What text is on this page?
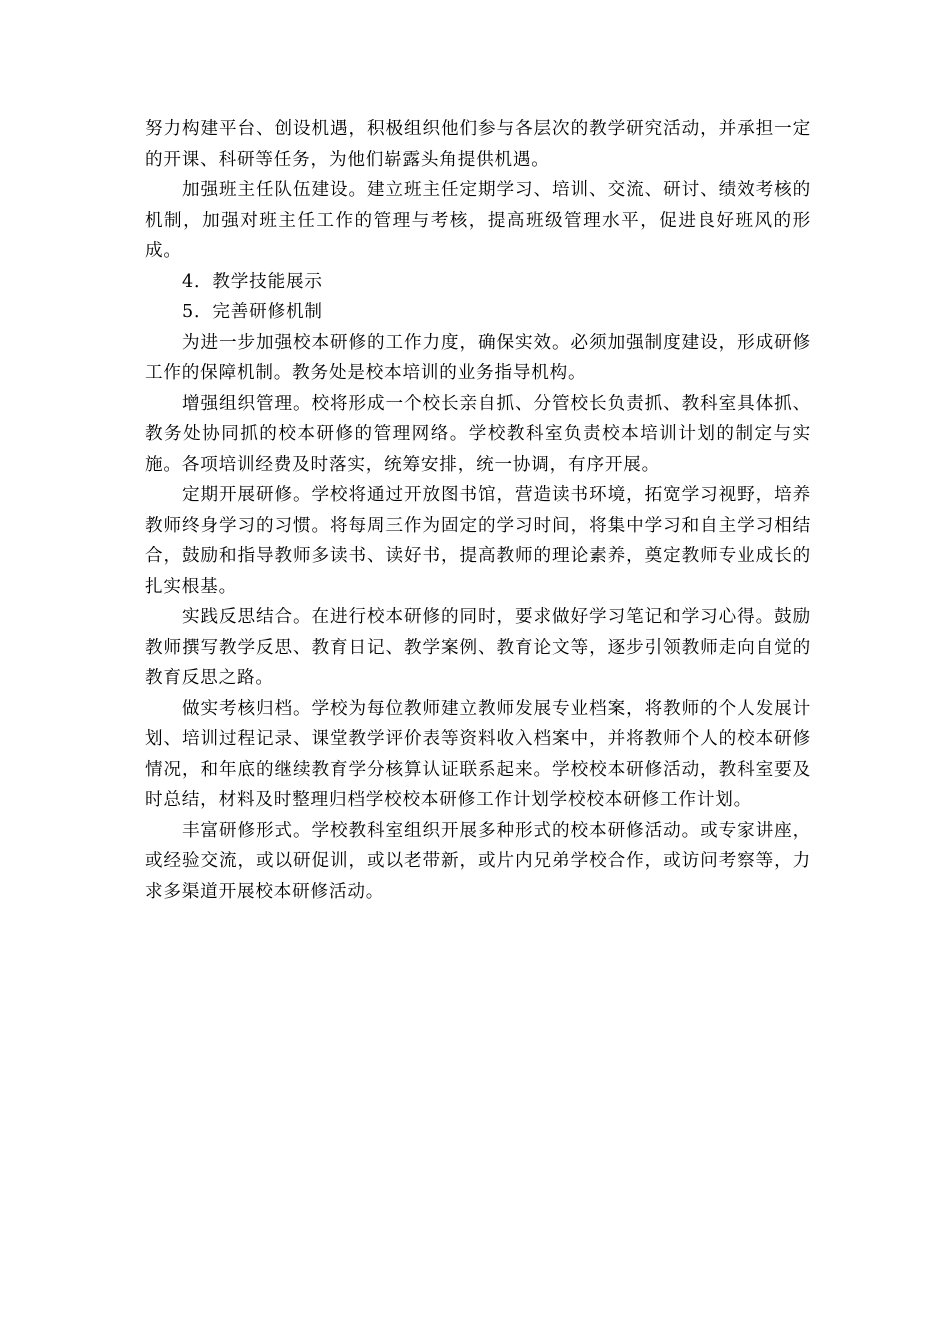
努力构建平台、创设机遇，积极组织他们参与各层次的教学研究活动，并承担一定的开课、科研等任务，为他们崭露头角提供机遇。

加强班主任队伍建设。建立班主任定期学习、培训、交流、研讨、绩效考核的机制，加强对班主任工作的管理与考核，提高班级管理水平，促进良好班风的形成。

4．教学技能展示

5．完善研修机制

为进一步加强校本研修的工作力度，确保实效。必须加强制度建设，形成研修工作的保障机制。教务处是校本培训的业务指导机构。

增强组织管理。校将形成一个校长亲自抓、分管校长负责抓、教科室具体抓、教务处协同抓的校本研修的管理网络。学校教科室负责校本培训计划的制定与实施。各项培训经费及时落实，统筹安排，统一协调，有序开展。

定期开展研修。学校将通过开放图书馆，营造读书环境，拓宽学习视野，培养教师终身学习的习惯。将每周三作为固定的学习时间，将集中学习和自主学习相结合，鼓励和指导教师多读书、读好书，提高教师的理论素养，奠定教师专业成长的扎实根基。

实践反思结合。在进行校本研修的同时，要求做好学习笔记和学习心得。鼓励教师撰写教学反思、教育日记、教学案例、教育论文等，逐步引领教师走向自觉的教育反思之路。

做实考核归档。学校为每位教师建立教师发展专业档案，将教师的个人发展计划、培训过程记录、课堂教学评价表等资料收入档案中，并将教师个人的校本研修情况，和年底的继续教育学分核算认证联系起来。学校校本研修活动，教科室要及时总结，材料及时整理归档学校校本研修工作计划学校校本研修工作计划。

丰富研修形式。学校教科室组织开展多种形式的校本研修活动。或专家讲座，或经验交流，或以研促训，或以老带新，或片内兄弟学校合作，或访问考察等，力求多渠道开展校本研修活动。
